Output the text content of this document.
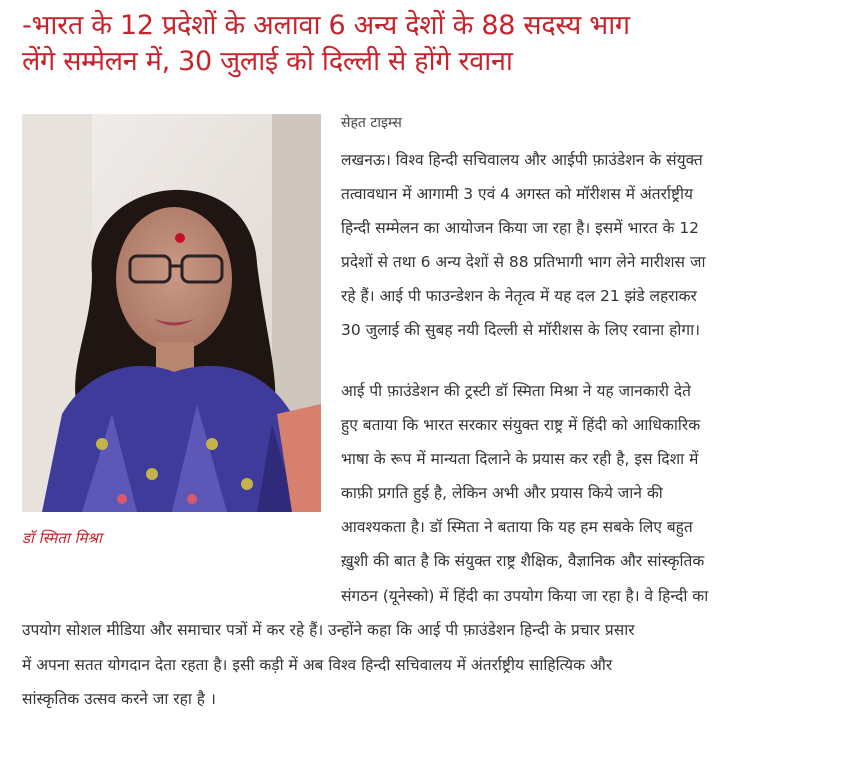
-भारत के 12 प्रदेशों के अलावा 6 अन्य देशों के 88 सदस्य भाग
लेंगे सम्मेलन में, 30 जुलाई को दिल्ली से होंगे रवाना

डॉ स्मिता मिश्रा

सेहत टाइम्स
लखनऊ। विश्व हिन्दी सचिवालय और आईपी फ़ाउंडेशन के संयुक्त
तत्वावधान में आगामी 3 एवं 4 अगस्त को मॉरीशस में अंतर्राष्ट्रीय
हिन्दी सम्मेलन का आयोजन किया जा रहा है। इसमें भारत के 12
प्रदेशों से तथा 6 अन्य देशों से 88 प्रतिभागी भाग लेने मारीशस जा
रहे हैं। आई पी फाउन्डेशन के नेतृत्व में यह दल 21 झंडे लहराकर
30 जुलाई की सुबह नयी दिल्ली से मॉरीशस के लिए रवाना होगा।
आई पी फ़ाउंडेशन की ट्रस्टी डॉ स्मिता मिश्रा ने यह जानकारी देते
हुए बताया कि भारत सरकार संयुक्त राष्ट्र में हिंदी को आधिकारिक
भाषा के रूप में मान्यता दिलाने के प्रयास कर रही है, इस दिशा में
काफ़ी प्रगति हुई है, लेकिन अभी और प्रयास किये जाने की
आवश्यकता है। डॉ स्मिता ने बताया कि यह हम सबके लिए बहुत
ख़ुशी की बात है कि संयुक्त राष्ट्र शैक्षिक, वैज्ञानिक और सांस्कृतिक
संगठन (यूनेस्को) में हिंदी का उपयोग किया जा रहा है। वे हिन्दी का
उपयोग सोशल मीडिया और समाचार पत्रों में कर रहे हैं। उन्होंने कहा कि आई पी फ़ाउंडेशन हिन्दी के प्रचार प्रसार
में अपना सतत योगदान देता रहता है। इसी कड़ी में अब विश्व हिन्दी सचिवालय में अंतर्राष्ट्रीय साहित्यिक और
सांस्कृतिक उत्सव करने जा रहा है ।
